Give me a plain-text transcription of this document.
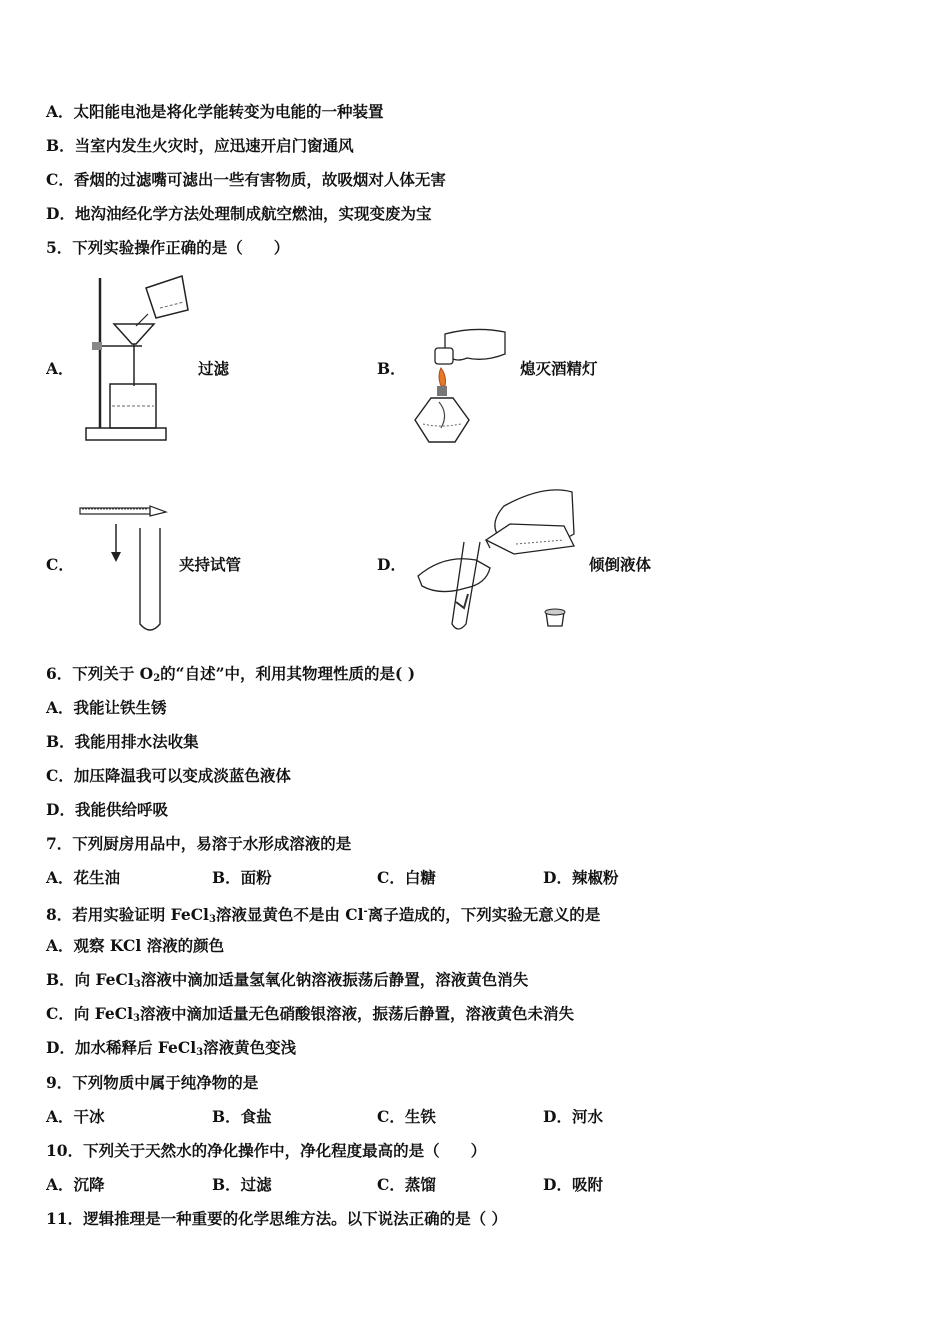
A．太阳能电池是将化学能转变为电能的一种装置
B．当室内发生火灾时，应迅速开启门窗通风
C．香烟的过滤嘴可滤出一些有害物质，故吸烟对人体无害
D．地沟油经化学方法处理制成航空燃油，实现变废为宝
5．下列实验操作正确的是（　　）
A．	过滤	B．	熄灭酒精灯
C．	夹持试管	D．	倾倒液体
6．下列关于 $O_2$的“自述”中，利用其物理性质的是( )
A．我能让铁生锈
B．我能用排水法收集
C．加压降温我可以变成淡蓝色液体
D．我能供给呼吸
7．下列厨房用品中，易溶于水形成溶液的是
A．花生油	B．面粉	C．白糖	D．辣椒粉
8．若用实验证明 FeCl$_3$溶液显黄色不是由 Cl-离子造成的，下列实验无意义的是
A．观察 KCl 溶液的颜色
B．向 FeCl$_3$溶液中滴加适量氢氧化钠溶液振荡后静置，溶液黄色消失
C．向 FeCl$_3$溶液中滴加适量无色硝酸银溶液，振荡后静置，溶液黄色未消失
D．加水稀释后 FeCl$_3$溶液黄色变浅
9．下列物质中属于纯净物的是
A．干冰	B．食盐	C．生铁	D．河水
10．下列关于天然水的净化操作中，净化程度最高的是（　　）
A．沉降	B．过滤	C．蒸馏	D．吸附
11．逻辑推理是一种重要的化学思维方法。以下说法正确的是（ ）
